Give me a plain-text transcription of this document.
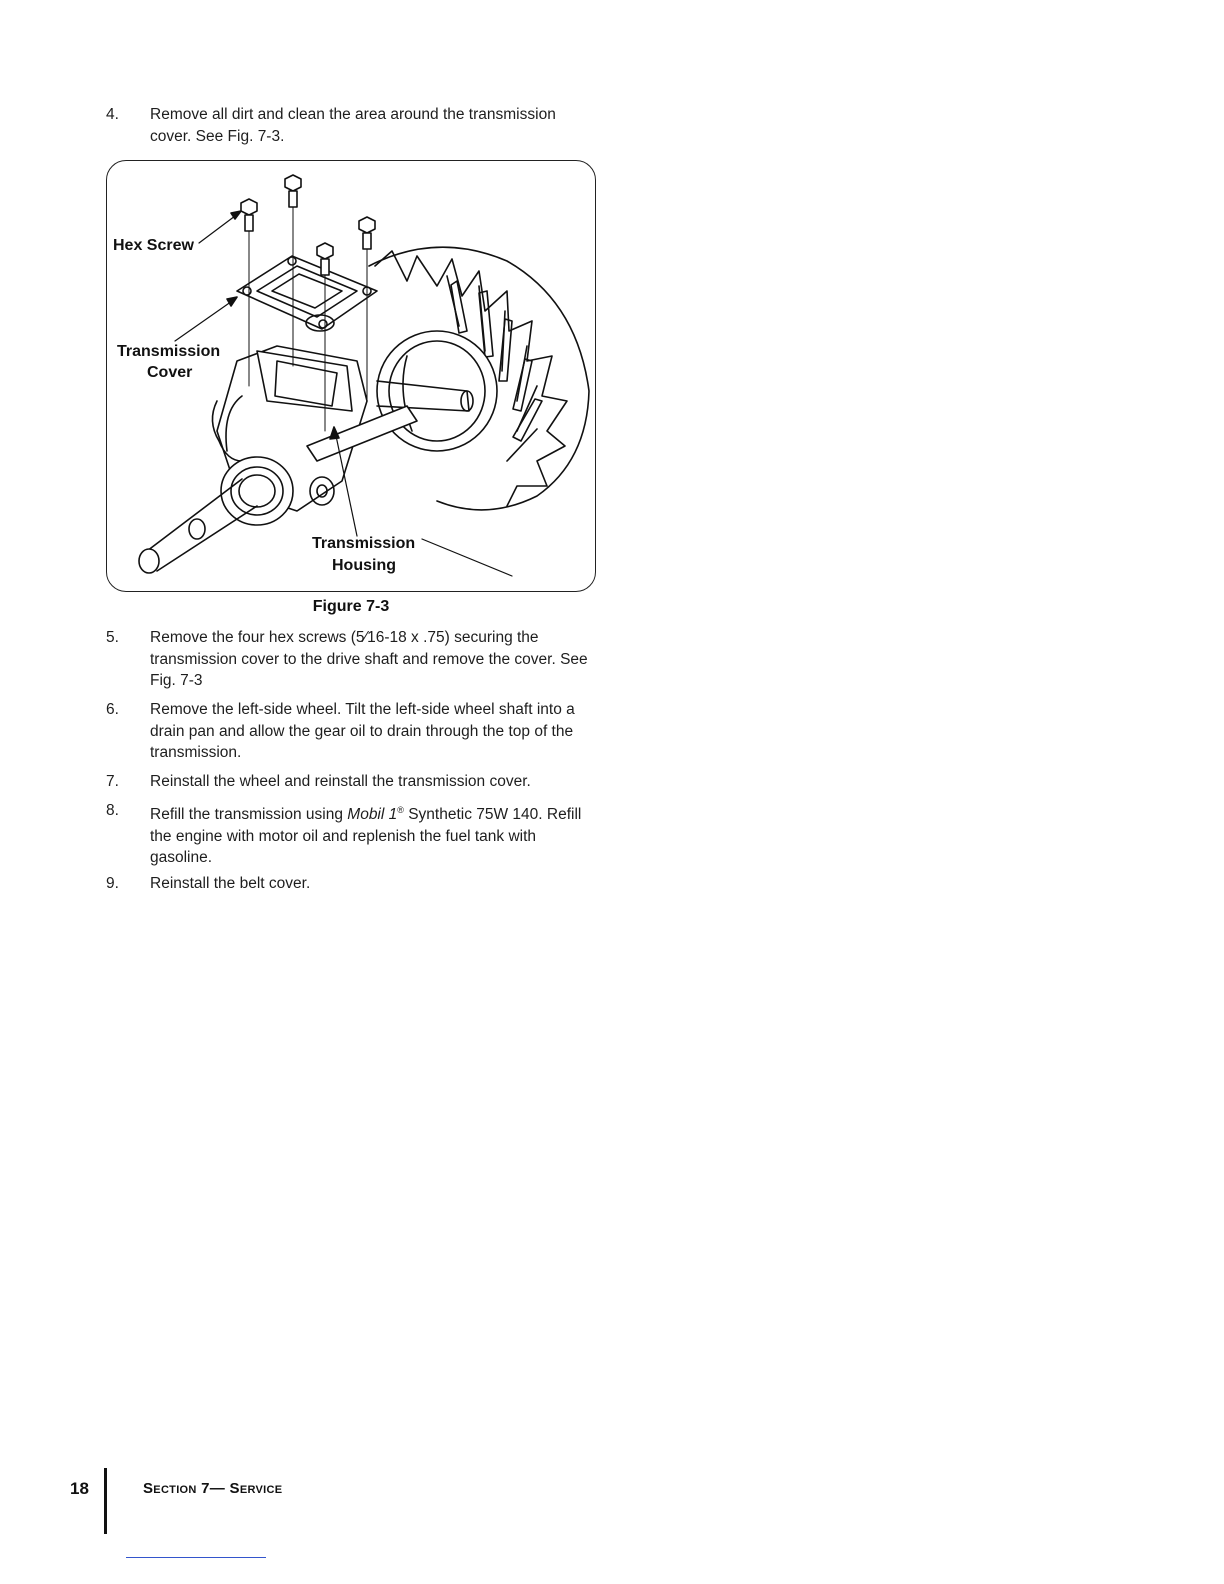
4.	Remove all dirt and clean the area around the transmission cover. See Fig. 7-3.
Hex Screw
Transmission
Cover
Transmission
Housing
Figure 7-3
5.	Remove the four hex screws (5⁄16-18 x .75) securing the transmission cover to the drive shaft and remove the cover. See Fig. 7-3
6.	Remove the left-side wheel. Tilt the left-side wheel shaft into a drain pan and allow the gear oil to drain through the top of the transmission.
7.	Reinstall the wheel and reinstall the transmission cover.
8.	Refill the transmission using Mobil 1® Synthetic 75W 140. Refill the engine with motor oil and replenish the fuel tank with gasoline.
9.	Reinstall the belt cover.
18	Section 7— Service
